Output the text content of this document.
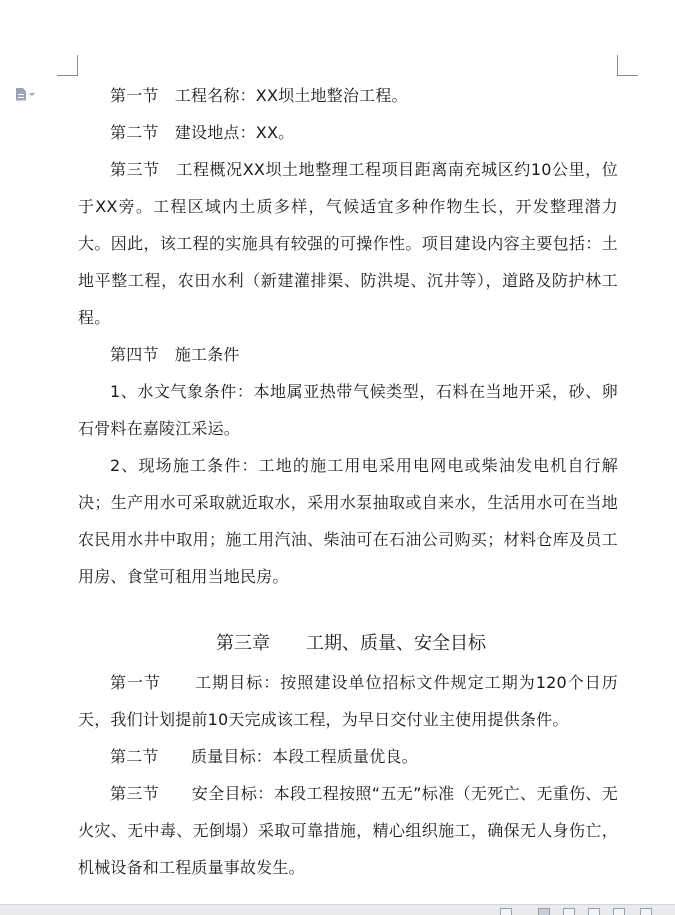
第一节　工程名称：XX坝土地整治工程。

第二节　建设地点：XX。

第三节　工程概况XX坝土地整理工程项目距离南充城区约10公里，位于XX旁。工程区域内土质多样，气候适宜多种作物生长，开发整理潜力大。因此，该工程的实施具有较强的可操作性。项目建设内容主要包括：土地平整工程，农田水利（新建灌排渠、防洪堤、沉井等），道路及防护林工程。

第四节　施工条件

1、水文气象条件：本地属亚热带气候类型，石料在当地开采，砂、卵石骨料在嘉陵江采运。

2、现场施工条件：工地的施工用电采用电网电或柴油发电机自行解决；生产用水可采取就近取水，采用水泵抽取或自来水，生活用水可在当地农民用水井中取用；施工用汽油、柴油可在石油公司购买；材料仓库及员工用房、食堂可租用当地民房。

第三章　　工期、质量、安全目标

第一节　　工期目标：按照建设单位招标文件规定工期为120个日历天，我们计划提前10天完成该工程，为早日交付业主使用提供条件。

第二节　　质量目标：本段工程质量优良。

第三节　　安全目标：本段工程按照“五无”标准（无死亡、无重伤、无火灾、无中毒、无倒塌）采取可靠措施，精心组织施工，确保无人身伤亡，机械设备和工程质量事故发生。
